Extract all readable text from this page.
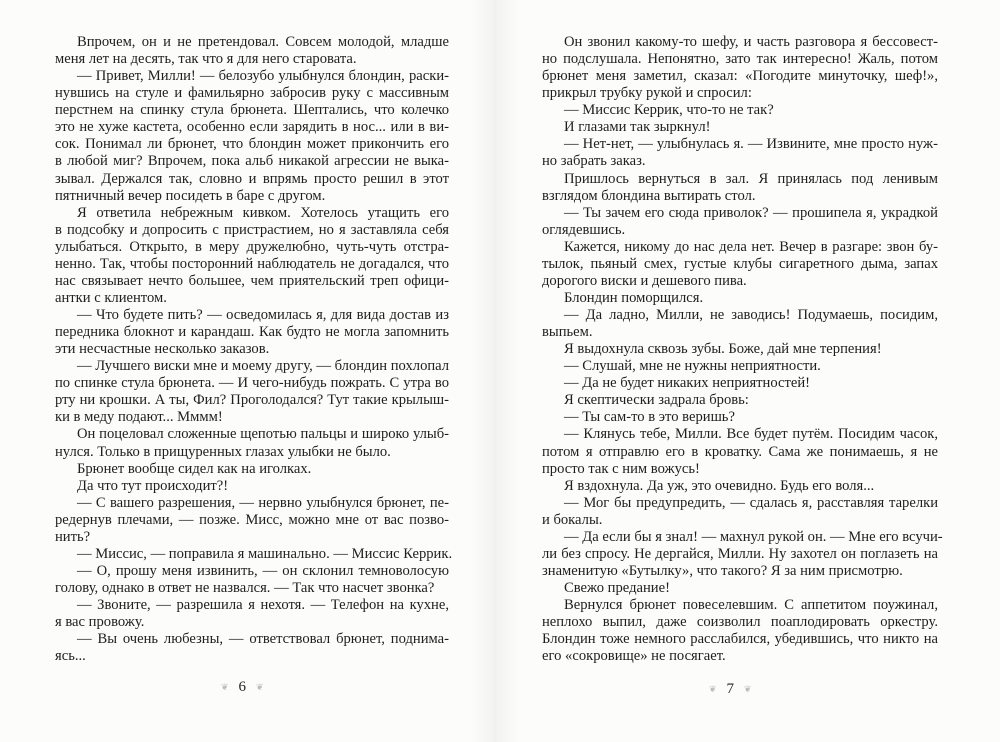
Впрочем, он и не претендовал. Совсем молодой, младше
меня лет на десять, так что я для него старовата.
— Привет, Милли! — белозубо улыбнулся блондин, раски-
нувшись на стуле и фамильярно забросив руку с массивным
перстнем на спинку стула брюнета. Шептались, что колечко
это не хуже кастета, особенно если зарядить в нос... или в ви-
сок. Понимал ли брюнет, что блондин может прикончить его
в любой миг? Впрочем, пока альб никакой агрессии не выка-
зывал. Держался так, словно и впрямь просто решил в этот
пятничный вечер посидеть в баре с другом.
Я ответила небрежным кивком. Хотелось утащить его
в подсобку и допросить с пристрастием, но я заставляла себя
улыбаться. Открыто, в меру дружелюбно, чуть-чуть отстра-
ненно. Так, чтобы посторонний наблюдатель не догадался, что
нас связывает нечто большее, чем приятельский треп офици-
антки с клиентом.
— Что будете пить? — осведомилась я, для вида достав из
передника блокнот и карандаш. Как будто не могла запомнить
эти несчастные несколько заказов.
— Лучшего виски мне и моему другу, — блондин похлопал
по спинке стула брюнета. — И чего-нибудь пожрать. С утра во
рту ни крошки. А ты, Фил? Проголодался? Тут такие крылыш-
ки в меду подают... Мммм!
Он поцеловал сложенные щепотью пальцы и широко улыб-
нулся. Только в прищуренных глазах улыбки не было.
Брюнет вообще сидел как на иголках.
Да что тут происходит?!
— С вашего разрешения, — нервно улыбнулся брюнет, пе-
редернув плечами, — позже. Мисс, можно мне от вас позво-
нить?
— Миссис, — поправила я машинально. — Миссис Керрик.
— О, прошу меня извинить, — он склонил темноволосую
голову, однако в ответ не назвался. — Так что насчет звонка?
— Звоните, — разрешила я нехотя. — Телефон на кухне,
я вас провожу.
— Вы очень любезны, — ответствовал брюнет, поднима-
ясь...
Он звонил какому-то шефу, и часть разговора я бессовест-
но подслушала. Непонятно, зато так интересно! Жаль, потом
брюнет меня заметил, сказал: «Погодите минуточку, шеф!»,
прикрыл трубку рукой и спросил:
— Миссис Керрик, что-то не так?
И глазами так зыркнул!
— Нет-нет, — улыбнулась я. — Извините, мне просто нуж-
но забрать заказ.
Пришлось вернуться в зал. Я принялась под ленивым
взглядом блондина вытирать стол.
— Ты зачем его сюда приволок? — прошипела я, украдкой
оглядевшись.
Кажется, никому до нас дела нет. Вечер в разгаре: звон бу-
тылок, пьяный смех, густые клубы сигаретного дыма, запах
дорогого виски и дешевого пива.
Блондин поморщился.
— Да ладно, Милли, не заводись! Подумаешь, посидим,
выпьем.
Я выдохнула сквозь зубы. Боже, дай мне терпения!
— Слушай, мне не нужны неприятности.
— Да не будет никаких неприятностей!
Я скептически задрала бровь:
— Ты сам-то в это веришь?
— Клянусь тебе, Милли. Все будет путём. Посидим часок,
потом я отправлю его в кроватку. Сама же понимаешь, я не
просто так с ним вожусь!
Я вздохнула. Да уж, это очевидно. Будь его воля...
— Мог бы предупредить, — сдалась я, расставляя тарелки
и бокалы.
— Да если бы я знал! — махнул рукой он. — Мне его всучи-
ли без спросу. Не дергайся, Милли. Ну захотел он поглазеть на
знаменитую «Бутылку», что такого? Я за ним присмотрю.
Свежо предание!
Вернулся брюнет повеселевшим. С аппетитом поужинал,
неплохо выпил, даже соизволил поаплодировать оркестру.
Блондин тоже немного расслабился, убедившись, что никто на
его «сокровище» не посягает.
❦ 6 ❦	❦ 7 ❦
